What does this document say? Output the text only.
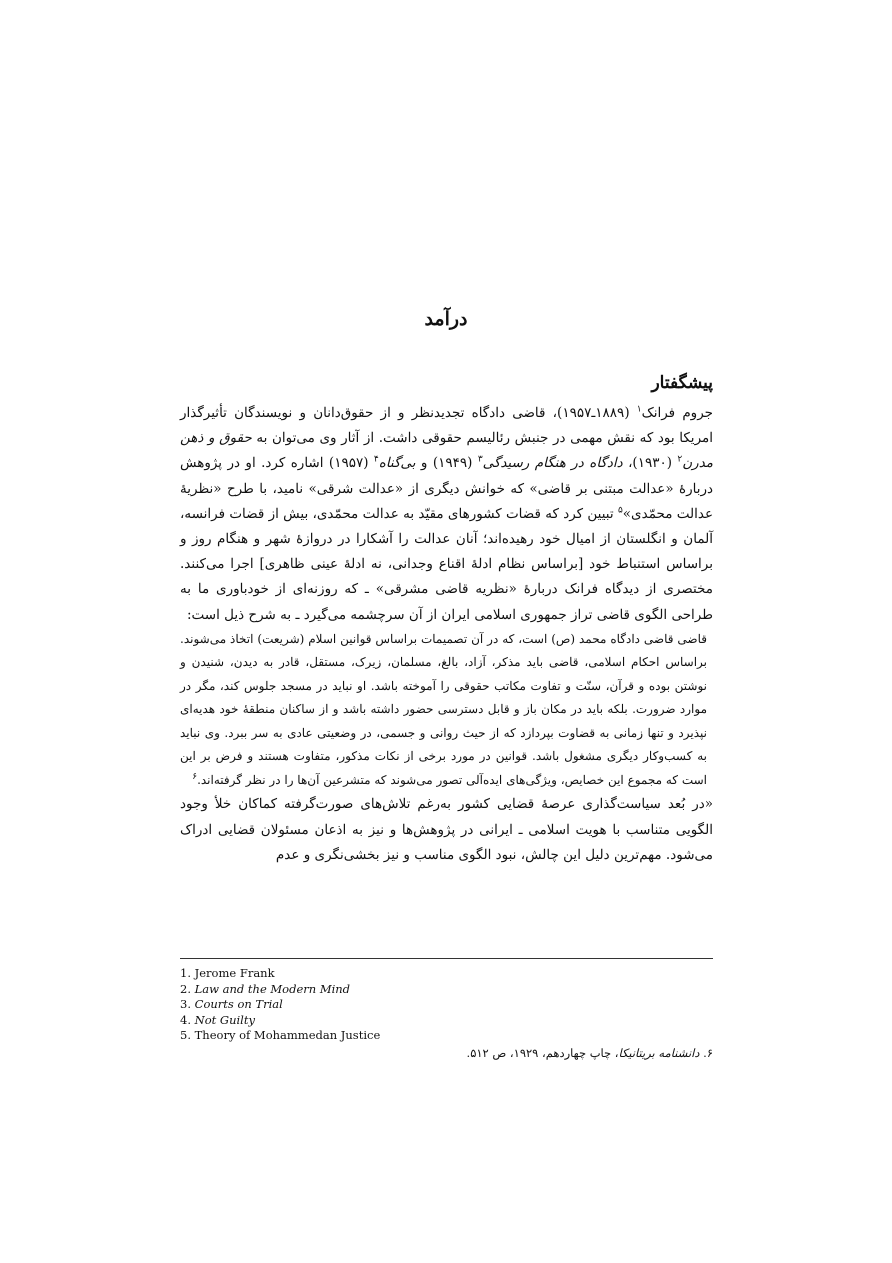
درآمد
پیشگفتار

جروم فرانک$^۱$ (۱۸۸۹ـ۱۹۵۷)، قاضی دادگاه تجدیدنظر و از حقوق‌دانان و نویسندگان تأثیرگذار امریکا بود که نقش مهمی در جنبش رئالیسم حقوقی داشت. از آثار وی می‌توان به حقوق و ذهن مدرن$^۲$ (۱۹۳۰)، دادگاه در هنگام رسیدگی$^۳$ (۱۹۴۹) و بی‌گناه$^۴$ (۱۹۵۷) اشاره کرد. او در پژوهش دربارهٔ «عدالت مبتنی بر قاضی» که خوانش دیگری از «عدالت شرقی» نامید، با طرح «نظریهٔ عدالت محمّدی»$^۵$ تبیین کرد که قضات کشورهای مقیّد به عدالت محمّدی، بیش از قضات فرانسه، آلمان و انگلستان از امیال خود رهیده‌اند؛ آنان عدالت را آشکارا در دروازهٔ شهر و هنگام روز و براساس استنباط خود [براساس نظام ادلهٔ اقناع وجدانی، نه ادلهٔ عینی ظاهری] اجرا می‌کنند. مختصری از دیدگاه فرانک دربارهٔ «نظریه قاضی مشرقی» ـ که روزنه‌ای از خودباوری ما به طراحی الگوی قاضی تراز جمهوری اسلامی ایران از آن سرچشمه می‌گیرد ـ به شرح ذیل است:

قاضی قاضی دادگاه محمد (ص) است، که در آن تصمیمات براساس قوانین اسلام (شریعت) اتخاذ می‌شوند. براساس احکام اسلامی، قاضی باید مذکر، آزاد، بالغ، مسلمان، زیرک، مستقل، قادر به دیدن، شنیدن و نوشتن بوده و قرآن، سنّت و تفاوت مکاتب حقوقی را آموخته باشد. او نباید در مسجد جلوس کند، مگر در موارد ضرورت. بلکه باید در مکان باز و قابل دسترسی حضور داشته باشد و از ساکنان منطقهٔ خود هدیه‌ای نپذیرد و تنها زمانی به قضاوت بپردازد که از حیث روانی و جسمی، در وضعیتی عادی به سر ببرد. وی نباید به کسب‌وکار دیگری مشغول باشد. قوانین در مورد برخی از نکات مذکور، متفاوت هستند و فرض بر این است که مجموع این خصایص، ویژگی‌های ایده‌آلی تصور می‌شوند که متشرعین آن‌ها را در نظر گرفته‌اند.$^۶$

«در بُعد سیاست‌گذاری عرصهٔ قضایی کشور به‌رغم تلاش‌های صورت‌گرفته کماکان خلأ وجود الگویی متناسب با هویت اسلامی ـ ایرانی در پژوهش‌ها و نیز به اذعان مسئولان قضایی ادراک می‌شود. مهم‌ترین دلیل این چالش، نبود الگوی مناسب و نیز بخشی‌نگری و عدم

1. Jerome Frank
2. Law and the Modern Mind
3. Courts on Trial
4. Not Guilty
5. Theory of Mohammedan Justice
۶. دانشنامه بریتانیکا، چاپ چهاردهم، ۱۹۲۹، ص ۵۱۲.
